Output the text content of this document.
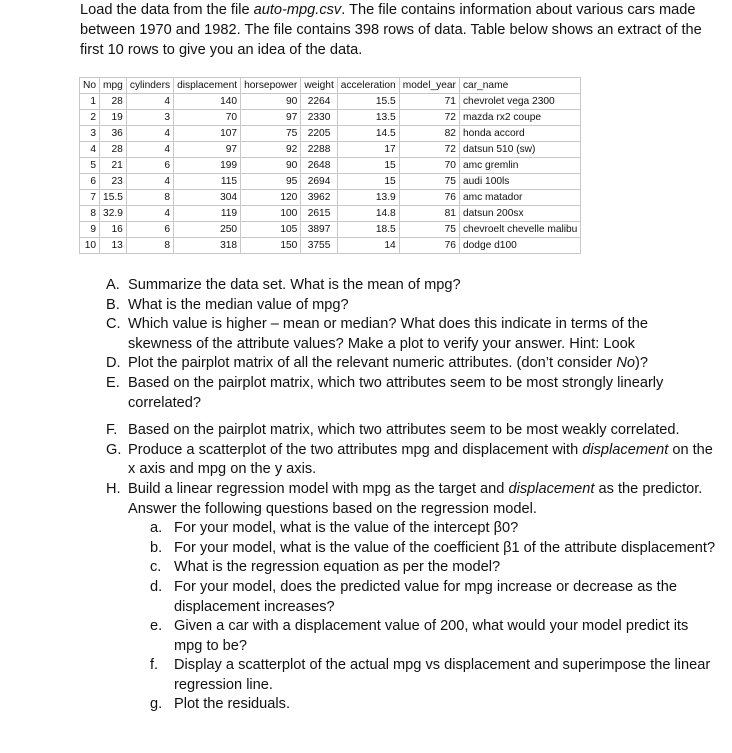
Load the data from the file auto-mpg.csv. The file contains information about various cars made between 1970 and 1982. The file contains 398 rows of data. Table below shows an extract of the first 10 rows to give you an idea of the data.

No	mpg	cylinders	displacement	horsepower	weight	acceleration	model_year	car_name
1	28	4	140	90	2264	15.5	71	chevrolet vega 2300
2	19	3	70	97	2330	13.5	72	mazda rx2 coupe
3	36	4	107	75	2205	14.5	82	honda accord
4	28	4	97	92	2288	17	72	datsun 510 (sw)
5	21	6	199	90	2648	15	70	amc gremlin
6	23	4	115	95	2694	15	75	audi 100ls
7	15.5	8	304	120	3962	13.9	76	amc matador
8	32.9	4	119	100	2615	14.8	81	datsun 200sx
9	16	6	250	105	3897	18.5	75	chevroelt chevelle malibu
10	13	8	318	150	3755	14	76	dodge d100
A. Summarize the data set. What is the mean of mpg?
B. What is the median value of mpg?
C. Which value is higher – mean or median? What does this indicate in terms of the skewness of the attribute values? Make a plot to verify your answer. Hint: Look
D. Plot the pairplot matrix of all the relevant numeric attributes. (don’t consider No)?
E. Based on the pairplot matrix, which two attributes seem to be most strongly linearly correlated?
F. Based on the pairplot matrix, which two attributes seem to be most weakly correlated.
G. Produce a scatterplot of the two attributes mpg and displacement with displacement on the x axis and mpg on the y axis.
H. Build a linear regression model with mpg as the target and displacement as the predictor. Answer the following questions based on the regression model.
a. For your model, what is the value of the intercept β0?
b. For your model, what is the value of the coefficient β1 of the attribute displacement?
c. What is the regression equation as per the model?
d. For your model, does the predicted value for mpg increase or decrease as the displacement increases?
e. Given a car with a displacement value of 200, what would your model predict its mpg to be?
f.	Display a scatterplot of the actual mpg vs displacement and superimpose the linear regression line.
g. Plot the residuals.
